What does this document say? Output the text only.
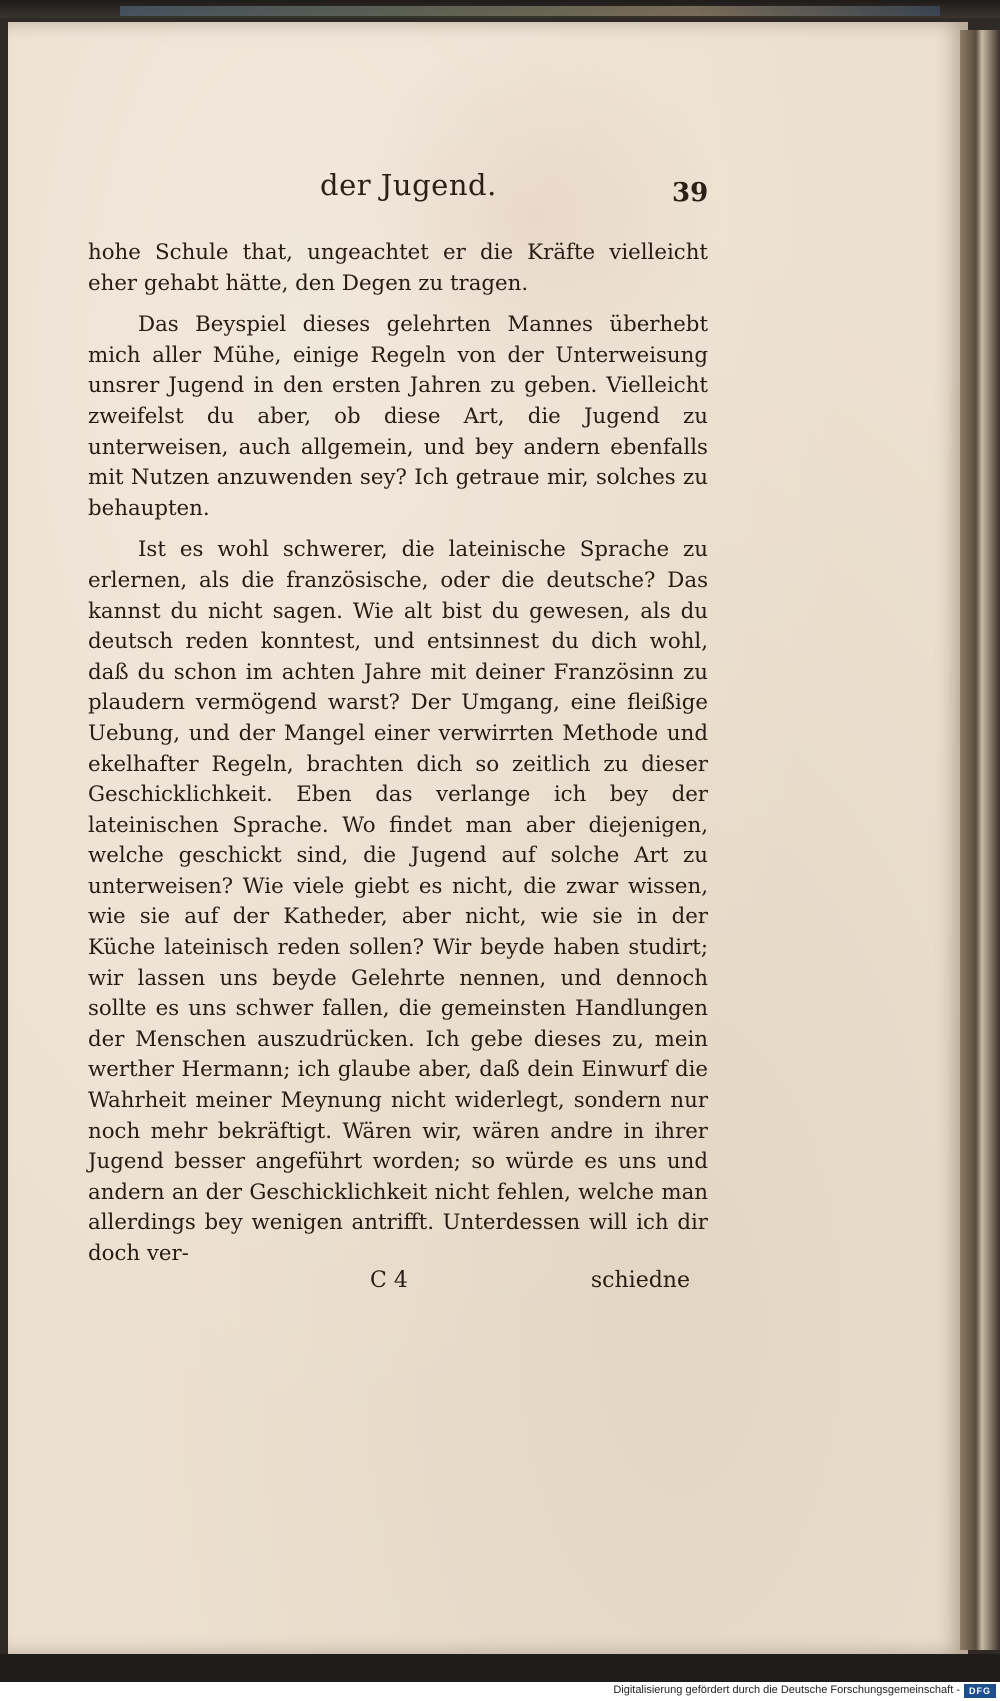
der Jugend.	39

hohe Schule that, ungeachtet er die Kräfte vielleicht eher gehabt hätte, den Degen zu tragen.

Das Beyspiel dieses gelehrten Mannes überhebt mich aller Mühe, einige Regeln von der Unterweisung unsrer Jugend in den ersten Jahren zu geben. Vielleicht zweifelst du aber, ob diese Art, die Jugend zu unterweisen, auch allgemein, und bey andern ebenfalls mit Nutzen anzuwenden sey? Ich getraue mir, solches zu behaupten.

Ist es wohl schwerer, die lateinische Sprache zu erlernen, als die französische, oder die deutsche? Das kannst du nicht sagen. Wie alt bist du gewesen, als du deutsch reden konntest, und entsinnest du dich wohl, daß du schon im achten Jahre mit deiner Französinn zu plaudern vermögend warst? Der Umgang, eine fleißige Uebung, und der Mangel einer verwirrten Methode und ekelhafter Regeln, brachten dich so zeitlich zu dieser Geschicklichkeit. Eben das verlange ich bey der lateinischen Sprache. Wo findet man aber diejenigen, welche geschickt sind, die Jugend auf solche Art zu unterweisen? Wie viele giebt es nicht, die zwar wissen, wie sie auf der Katheder, aber nicht, wie sie in der Küche lateinisch reden sollen? Wir beyde haben studirt; wir lassen uns beyde Gelehrte nennen, und dennoch sollte es uns schwer fallen, die gemeinsten Handlungen der Menschen auszudrücken. Ich gebe dieses zu, mein werther Hermann; ich glaube aber, daß dein Einwurf die Wahrheit meiner Meynung nicht widerlegt, sondern nur noch mehr bekräftigt. Wären wir, wären andre in ihrer Jugend besser angeführt worden; so würde es uns und andern an der Geschicklichkeit nicht fehlen, welche man allerdings bey wenigen antrifft. Unterdessen will ich dir doch ver-

C 4	schiedne
Digitalisierung gefördert durch die Deutsche Forschungsgemeinschaft -	DFG
